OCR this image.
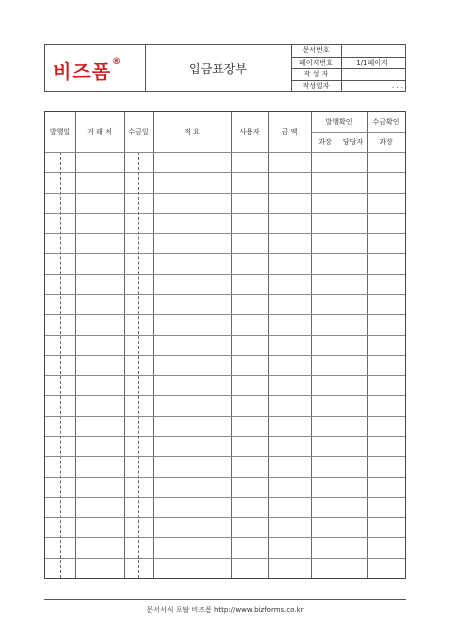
비즈폼®	입금표장부
문서번호
페이지번호	1/1페이지
작 성 자
작성일자	. . .
발행일	거 래 처	수금일	적 요	사용자	금 액
발행확인	수금확인
과장	담당자	과장
문서서식 포탈 비즈폼 http://www.bizforms.co.kr
